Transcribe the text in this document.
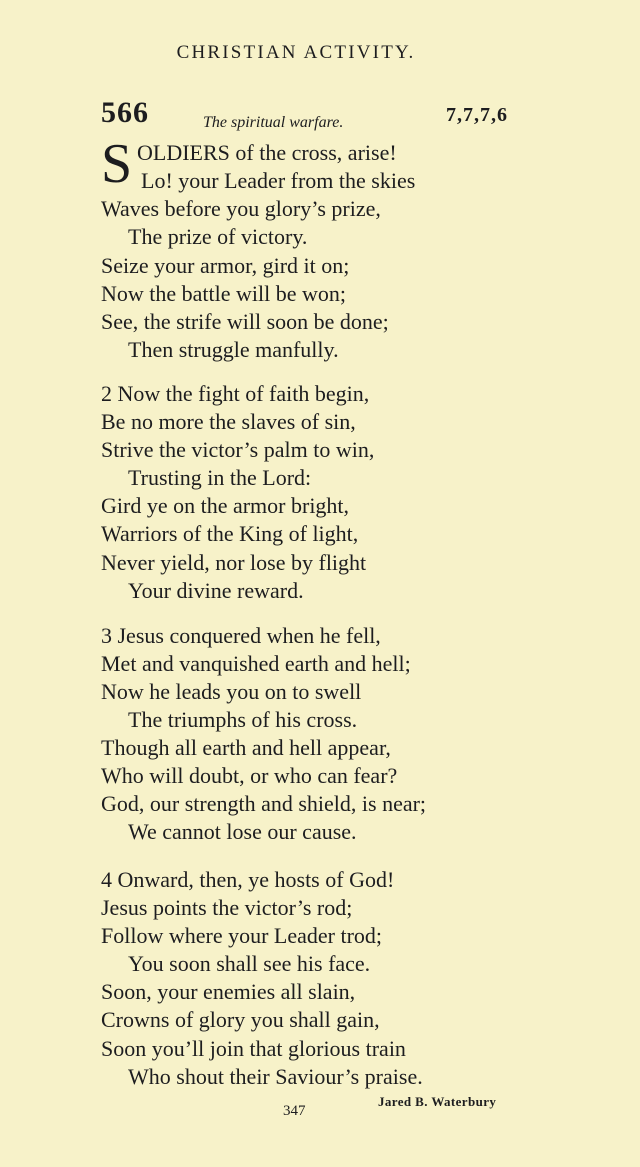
CHRISTIAN ACTIVITY.
566	The spiritual warfare.	7,7,7,6
S OLDIERS of the cross, arise!
Lo! your Leader from the skies
Waves before you glory’s prize,
The prize of victory.
Seize your armor, gird it on;
Now the battle will be won;
See, the strife will soon be done;
Then struggle manfully.
2 Now the fight of faith begin,
Be no more the slaves of sin,
Strive the victor’s palm to win,
Trusting in the Lord:
Gird ye on the armor bright,
Warriors of the King of light,
Never yield, nor lose by flight
Your divine reward.
3 Jesus conquered when he fell,
Met and vanquished earth and hell;
Now he leads you on to swell
The triumphs of his cross.
Though all earth and hell appear,
Who will doubt, or who can fear?
God, our strength and shield, is near;
We cannot lose our cause.
4 Onward, then, ye hosts of God!
Jesus points the victor’s rod;
Follow where your Leader trod;
You soon shall see his face.
Soon, your enemies all slain,
Crowns of glory you shall gain,
Soon you’ll join that glorious train
Who shout their Saviour’s praise.
Jared B. Waterbury
347
